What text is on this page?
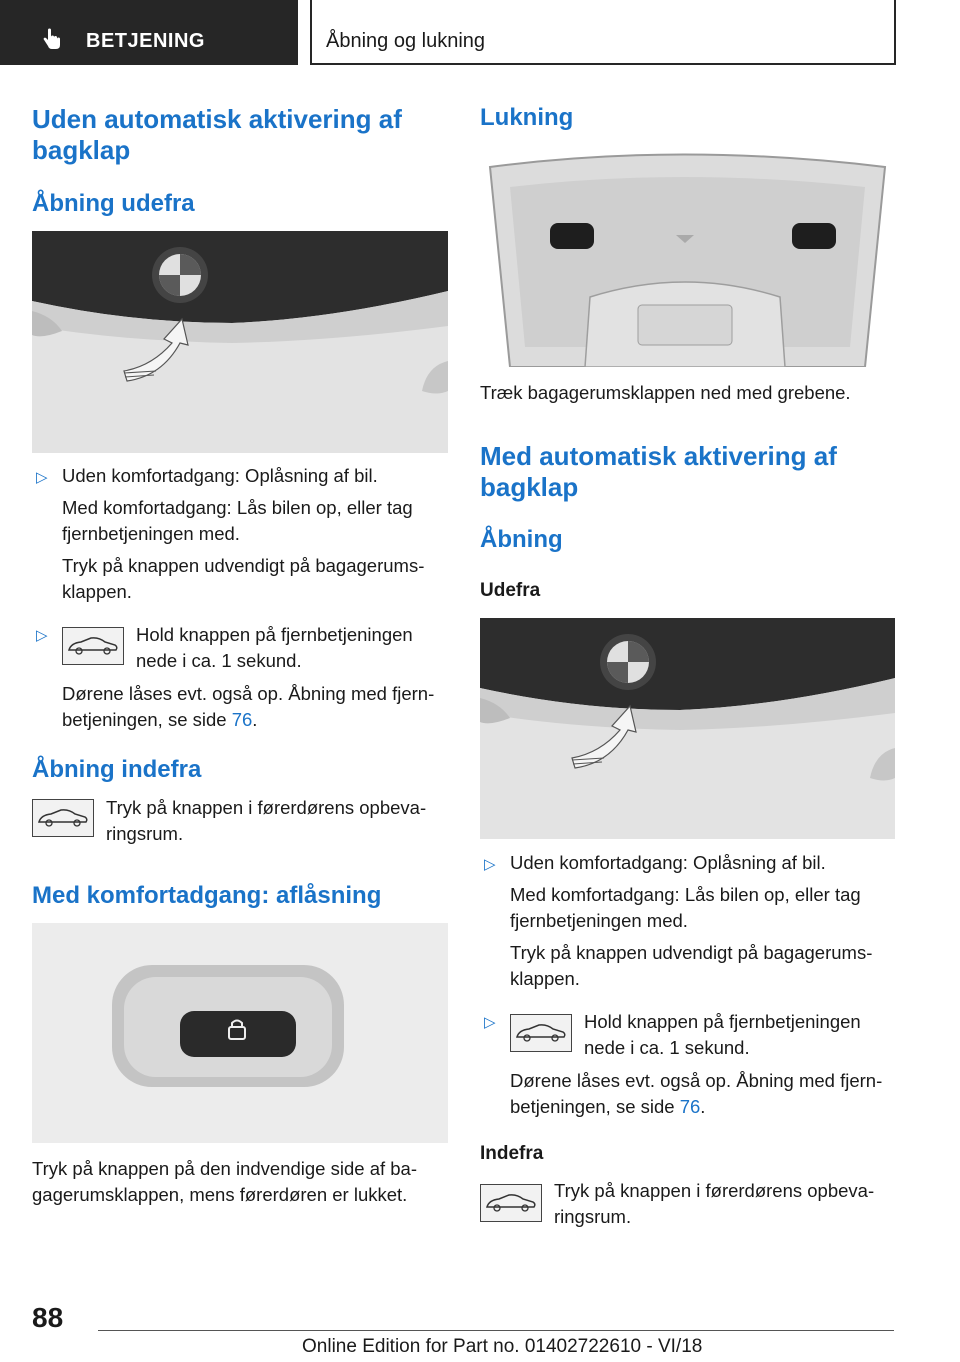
BETJENING	Åbning og lukning
Uden automatisk aktivering af
bagklap
Åbning udefra
▷ Uden komfortadgang: Oplåsning af bil.
Med komfortadgang: Lås bilen op, eller tag
fjernbetjeningen med.
Tryk på knappen udvendigt på bagagerums-
klappen.
▷	Hold knappen på fjernbetjeningen
nede i ca. 1 sekund.
Dørene låses evt. også op. Åbning med fjern-
betjeningen, se side 76.
Åbning indefra
Tryk på knappen i førerdørens opbeva-
ringsrum.
Med komfortadgang: aflåsning
Tryk på knappen på den indvendige side af ba-
gagerumsklappen, mens førerdøren er lukket.
Lukning
Træk bagagerumsklappen ned med grebene.
Med automatisk aktivering af
bagklap
Åbning
Udefra
▷ Uden komfortadgang: Oplåsning af bil.
Med komfortadgang: Lås bilen op, eller tag
fjernbetjeningen med.
Tryk på knappen udvendigt på bagagerums-
klappen.
▷	Hold knappen på fjernbetjeningen
nede i ca. 1 sekund.
Dørene låses evt. også op. Åbning med fjern-
betjeningen, se side 76.
Indefra
Tryk på knappen i førerdørens opbeva-
ringsrum.
88
Online Edition for Part no. 01402722610 - VI/18
